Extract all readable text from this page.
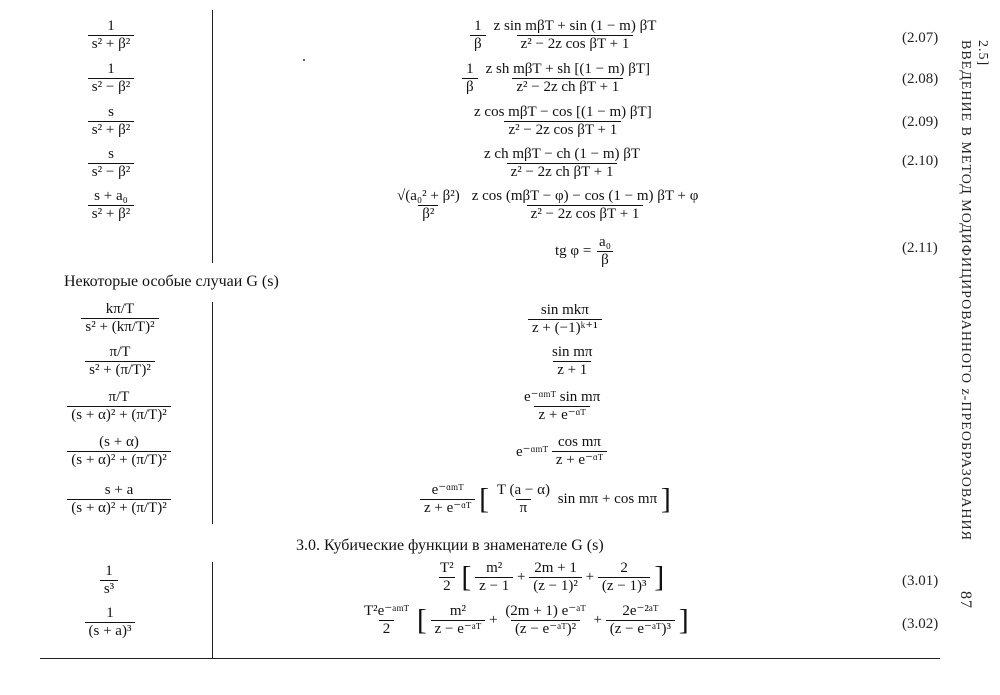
$\frac{1}{\text{s² + β²}}$
$\frac{1}{\text{s² − β²}}$
$\frac{s}{\text{s² + β²}}$
$\frac{s}{\text{s² − β²}}$
$\frac{\text{s + a₀}}{\text{s² + β²}}$
$\frac{1}{\beta}$
$\frac{\text{z sin mβT + sin (1 − m) βT}}{\text{z² − 2z cos βT + 1}}$
$\frac{1}{\beta}$
$\frac{\text{z sh mβT + sh [(1 − m) βT]}}{\text{z² − 2z ch βT + 1}}$
$\frac{\text{z cos mβT − cos [(1 − m) βT]}}{\text{z² − 2z cos βT + 1}}$
$\frac{\text{z ch mβT − ch (1 − m) βT}}{\text{z² − 2z ch βT + 1}}$
$\frac{\text{√(a₀² + β²)}}{\text{β²}}$
$\frac{\text{z cos (mβT − φ) − cos (1 − m) βT + φ}}{\text{z² − 2z cos βT + 1}}$
tg $\varphi = \frac{\text{a₀}}{\beta}$
(2.07)
(2.08)
(2.09)
(2.10)
(2.11)
Некоторые особые случаи G (s)
$\frac{k\pi/T}{\text{s² + (kπ/T)²}}$
$\frac{\pi/T}{\text{s² + (π/T)²}}$
$\frac{\pi/T}{\text{(s + α)² + (π/T)²}}$
$\frac{(s + \alpha)}{\text{(s + α)² + (π/T)²}}$
$\frac{s + a}{\text{(s + α)² + (π/T)²}}$
$\frac{\text{sin mkπ}}{\text{z + (−1)ᵏ⁺¹}}$
$\frac{\text{sin mπ}}{z + 1}$
$\frac{\text{e⁻ᵅᵐᵀ sin mπ}}{\text{z + e⁻ᵅᵀ}}$
e⁻ᵅᵐᵀ $\frac{\text{cos mπ}}{\text{z + e⁻ᵅᵀ}}$
$\frac{\text{e⁻ᵅᵐᵀ}}{\text{z + e⁻ᵅᵀ}}$ [ $\frac{T (a - \alpha)}{\pi}$ sin mπ + cos mπ ]
3.0. Кубические функции в знаменателе G (s)
$\frac{1}{\text{s³}}$
$\frac{1}{\text{(s + a)³}}$
$\frac{\text{T²}}{2}$ [ $\frac{\text{m²}}{z - 1} + \frac{2m + 1}{\text{(z − 1)²}} + \frac{2}{\text{(z − 1)³}}$ ]
$\frac{\text{T²e⁻ᵃᵐᵀ}}{2}$ [ $\frac{\text{m²}}{\text{z − e⁻ᵃᵀ}} + \frac{\text{(2m + 1) e⁻ᵃᵀ}}{\text{(z − e⁻ᵃᵀ)²}} + \frac{\text{2e⁻²ᵃᵀ}}{\text{(z − e⁻ᵃᵀ)³}}$ ]
(3.01)
(3.02)
2.5] ВВЕДЕНИЕ В МЕТОД МОДИФИЦИРОВАННОГО z-ПРЕОБРАЗОВАНИЯ 87
